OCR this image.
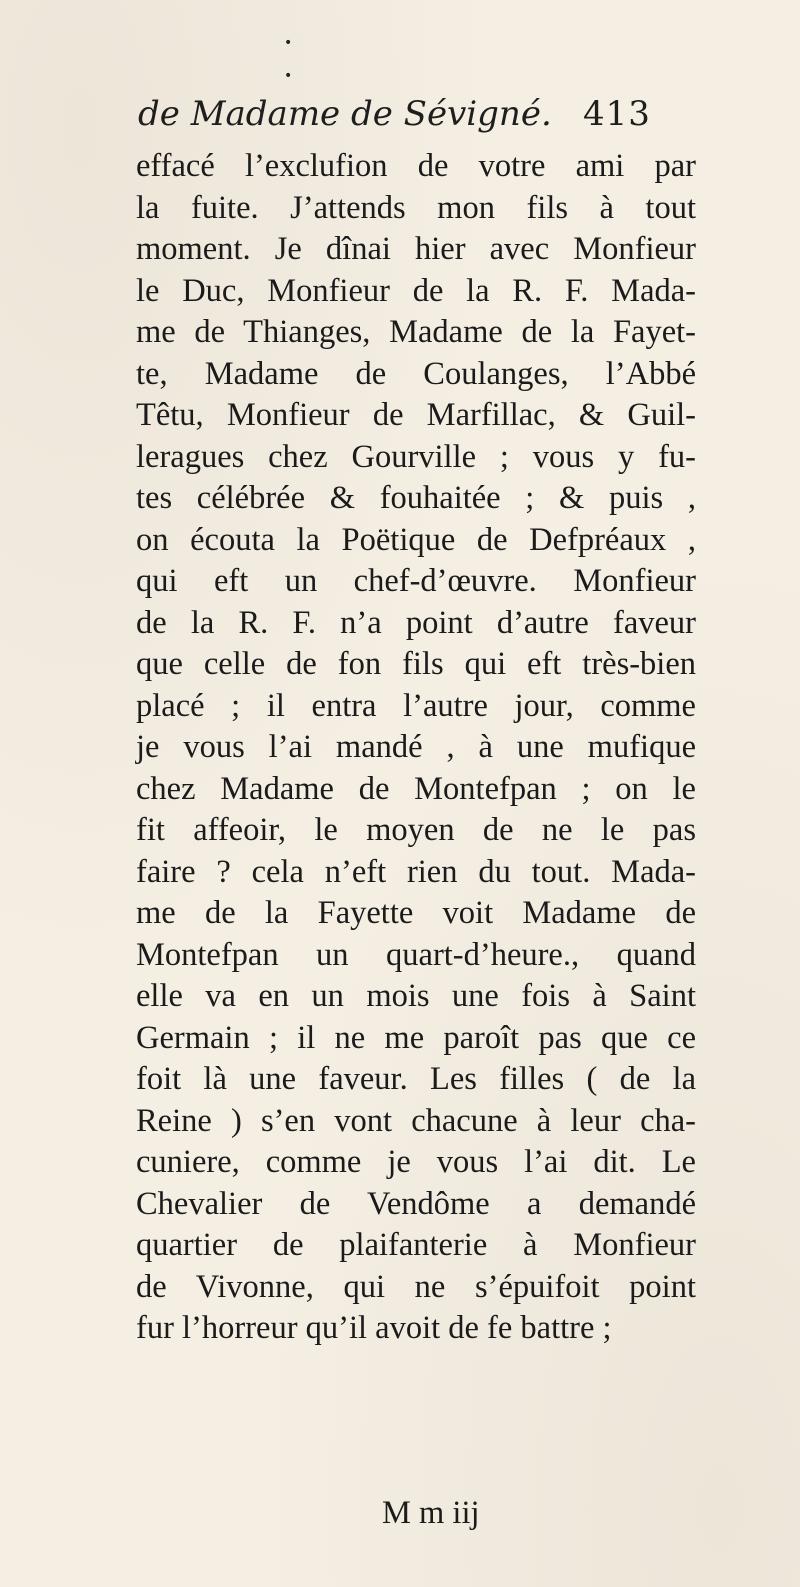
•
•
de Madame de Sévigné. 413
effacé l’exclufion de votre ami par
la fuite. J’attends mon fils à tout
moment. Je dînai hier avec Monfieur
le Duc, Monfieur de la R. F. Mada-
me de Thianges, Madame de la Fayet-
te, Madame de Coulanges, l’Abbé
Têtu, Monfieur de Marfillac, & Guil-
leragues chez Gourville ; vous y fu-
tes célébrée & fouhaitée ; & puis ,
on écouta la Poëtique de Defpréaux ,
qui eft un chef-d’œuvre. Monfieur
de la R. F. n’a point d’autre faveur
que celle de fon fils qui eft très-bien
placé ; il entra l’autre jour, comme
je vous l’ai mandé , à une mufique
chez Madame de Montefpan ; on le
fit affeoir, le moyen de ne le pas
faire ? cela n’eft rien du tout. Mada-
me de la Fayette voit Madame de
Montefpan un quart-d’heure., quand
elle va en un mois une fois à Saint
Germain ; il ne me paroît pas que ce
foit là une faveur. Les filles ( de la
Reine ) s’en vont chacune à leur cha-
cuniere, comme je vous l’ai dit. Le
Chevalier de Vendôme a demandé
quartier de plaifanterie à Monfieur
de Vivonne, qui ne s’épuifoit point
fur l’horreur qu’il avoit de fe battre ;
M m iij
